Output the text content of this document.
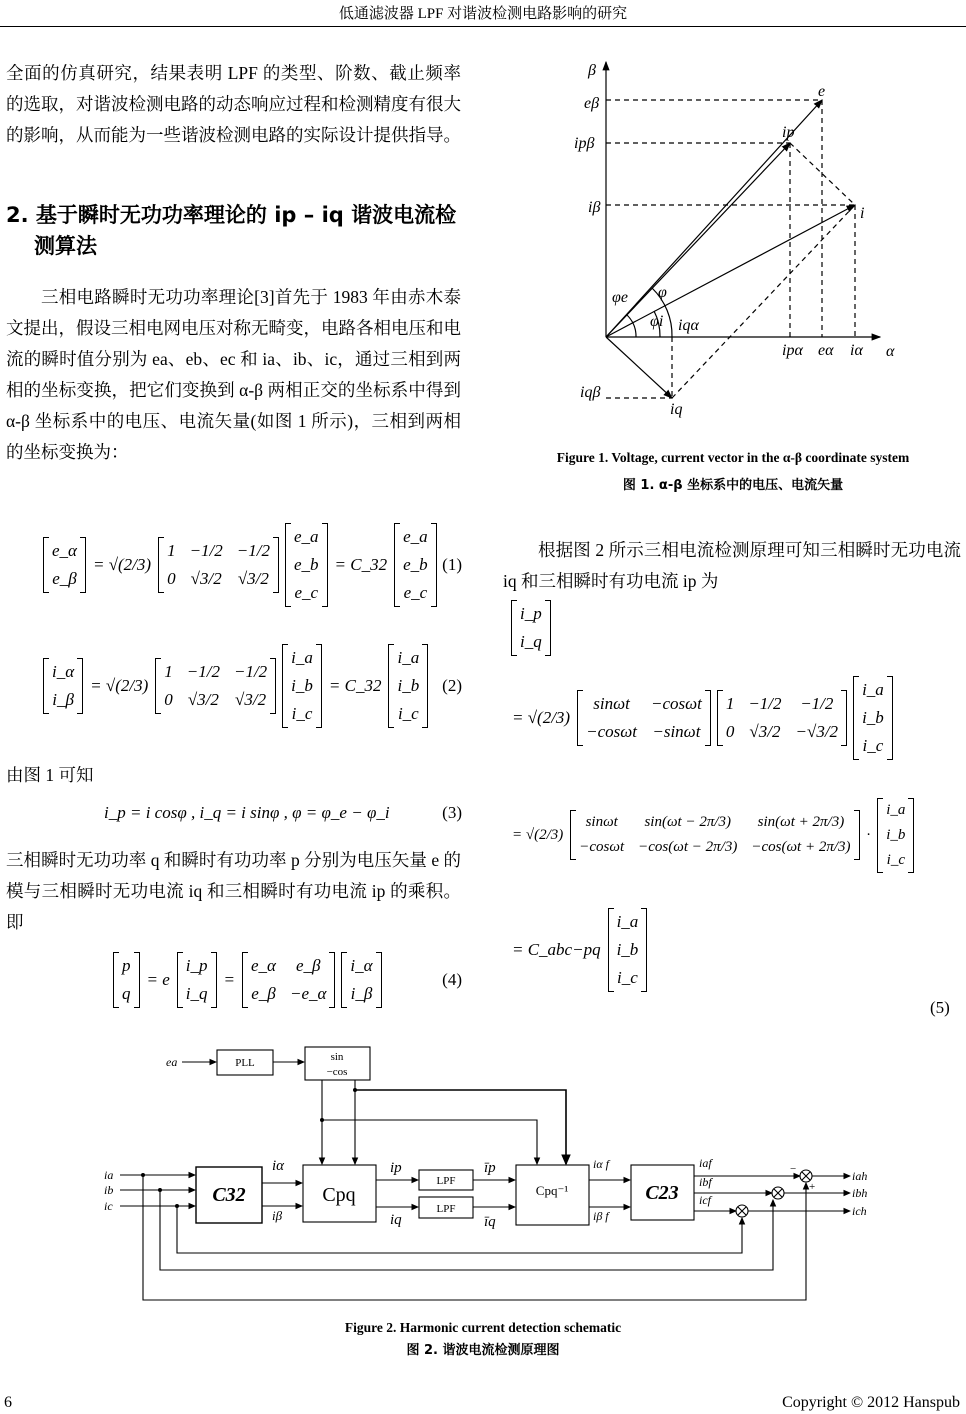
低通滤波器 LPF 对谐波检测电路影响的研究

全面的仿真研究，结果表明 LPF 的类型、阶数、截止频率的选取，对谐波检测电路的动态响应过程和检测精度有很大的影响，从而能为一些谐波检测电路的实际设计提供指导。

2. 基于瞬时无功功率理论的 ip – iq 谐波电流检测算法

三相电路瞬时无功功率理论[3]首先于 1983 年由赤木泰文提出，假设三相电网电压对称无畸变，电路各相电压和电流的瞬时值分别为 ea、eb、ec 和 ia、ib、ic，通过三相到两相的坐标变换，把它们变换到 α-β 两相正交的坐标系中得到 α-β 坐标系中的电压、电流矢量(如图 1 所示)，三相到两相的坐标变换为：

e_α
e_β
= √(2/3)
1 −1/2 −1/2
0 √3/2 √3/2
e_a
e_b
e_c
= C_32
e_a
e_b
e_c
(1)
i_α
i_β
= √(2/3)
1 −1/2 −1/2
0 √3/2 √3/2
i_a
i_b
i_c
= C_32
i_a
i_b
i_c
(2)
由图 1 可知
i_p = i cosφ , i_q = i sinφ , φ = φ_e − φ_i	(3)

三相瞬时无功功率 q 和瞬时有功功率 p 分别为电压矢量 e 的模与三相瞬时无功电流 iq 和三相瞬时有功电流 ip 的乘积。即

p
q
= e
i_p
i_q
=
e_α e_β
e_β −e_α
i_α
i_β
(4)
β
α
e
eβ
ipβ
ip
iβ	i
φe φ
φi iqα
ipα eα iα
iqβ
iq
Figure 1. Voltage, current vector in the α-β coordinate system
图 1. α-β 坐标系中的电压、电流矢量

根据图 2 所示三相电流检测原理可知三相瞬时无功电流 iq 和三相瞬时有功电流 ip 为

i_p
i_q
= √(2/3)
sinωt −cosωt
−cosωt −sinωt
1 −1/2 −1/2
0 √3/2 −√3/2
i_a
i_b
i_c
= √(2/3)
sinωt sin(ωt − 2π/3) sin(ωt + 2π/3)
−cosωt −cos(ωt − 2π/3) −cos(ωt + 2π/3)
·
i_a
i_b
i_c
= C_abc−pq
i_a
i_b
i_c
(5)
PLL	sin
−cos
LPF
LPF
Cpq⁻¹
C32	Cpq	C23
ea
ia
ib
ic
iα
iβ
ip
iq
īp
īq
iα f
iβ f
iaf
ibf
icf
iah
ibh
ich
−
+
Figure 2. Harmonic current detection schematic
图 2. 谐波电流检测原理图
6	Copyright © 2012 Hanspub
